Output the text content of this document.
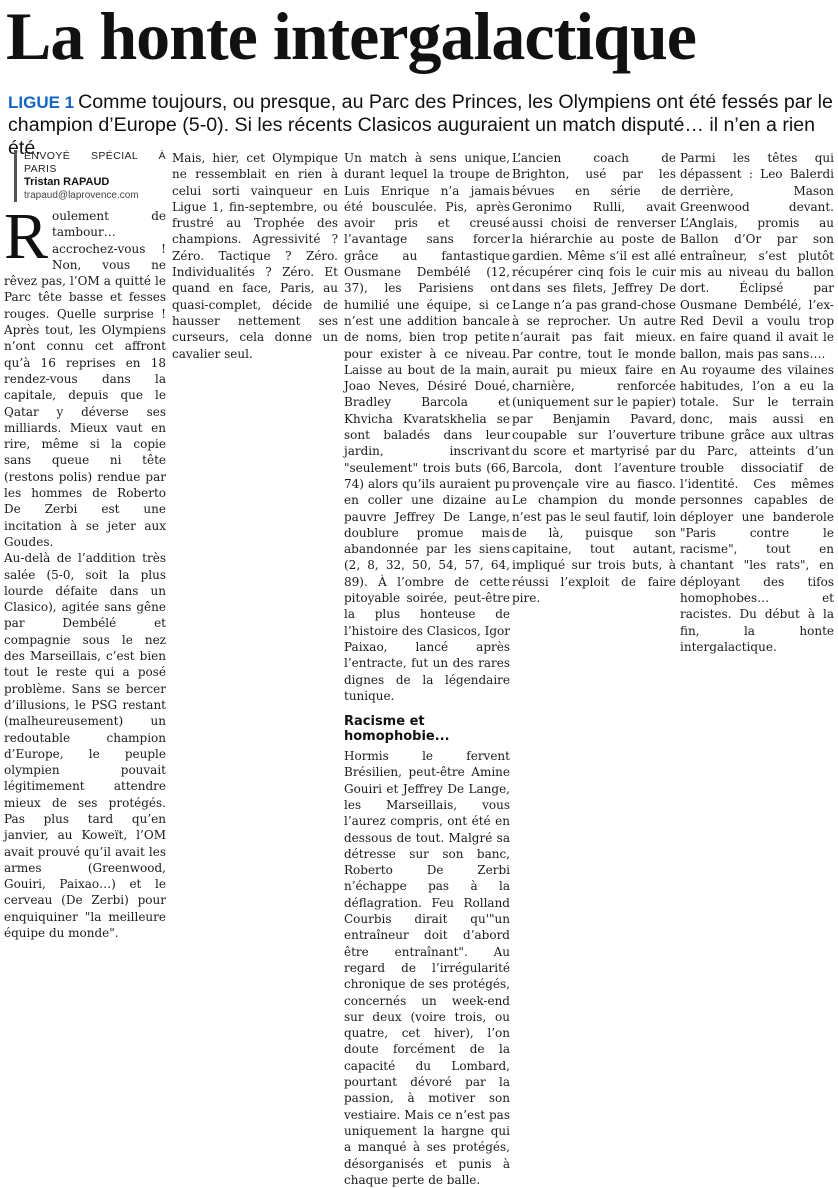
La honte intergalactique
LIGUE 1 Comme toujours, ou presque, au Parc des Princes, les Olympiens ont été fessés par le champion d’Europe (5-0). Si les récents Clasicos auguraient un match disputé… il n’en a rien été.
ENVOYÉ SPÉCIAL À PARIS
Tristan RAPAUD
trapaud@laprovence.com

Roulement de tambour… accrochez-vous ! Non, vous ne rêvez pas, l’OM a quitté le Parc tête basse et fesses rouges. Quelle surprise ! Après tout, les Olympiens n’ont connu cet affront qu’à 16 reprises en 18 rendez-vous dans la capitale, depuis que le Qatar y déverse ses milliards. Mieux vaut en rire, même si la copie sans queue ni tête (restons polis) rendue par les hommes de Roberto De Zerbi est une incitation à se jeter aux Goudes.

Au-delà de l’addition très salée (5-0, soit la plus lourde défaite dans un Clasico), agitée sans gêne par Dembélé et compagnie sous le nez des Marseillais, c’est bien tout le reste qui a posé problème. Sans se bercer d’illusions, le PSG restant (malheureusement) un redoutable champion d’Europe, le peuple olympien pouvait légitimement attendre mieux de ses protégés. Pas plus tard qu’en janvier, au Koweït, l’OM avait prouvé qu’il avait les armes (Greenwood, Gouiri, Paixao…) et le cerveau (De Zerbi) pour enquiquiner "la meilleure équipe du monde".

Mais, hier, cet Olympique ne ressemblait en rien à celui sorti vainqueur en Ligue 1, fin-septembre, ou frustré au Trophée des champions. Agressivité ? Zéro. Tactique ? Zéro. Individualités ? Zéro. Et quand en face, Paris, au quasi-complet, décide de hausser nettement ses curseurs, cela donne un cavalier seul.

Un match à sens unique, durant lequel la troupe de Luis Enrique n’a jamais été bousculée. Pis, après avoir pris et creusé l’avantage sans forcer grâce au fantastique Ousmane Dembélé (12, 37), les Parisiens ont humilié une équipe, si ce n’est une addition bancale de noms, bien trop petite pour exister à ce niveau. Laisse au bout de la main, Joao Neves, Désiré Doué, Bradley Barcola et Khvicha Kvaratskhelia se sont baladés dans leur jardin, inscrivant "seulement" trois buts (66, 74) alors qu’ils auraient pu en coller une dizaine au pauvre Jeffrey De Lange, doublure promue mais abandonnée par les siens (2, 8, 32, 50, 54, 57, 64, 89). À l’ombre de cette pitoyable soirée, peut-être la plus honteuse de l’histoire des Clasicos, Igor Paixao, lancé après l’entracte, fut un des rares dignes de la légendaire tunique.

Racisme et homophobie...

Hormis le fervent Brésilien, peut-être Amine Gouiri et Jeffrey De Lange, les Marseillais, vous l’aurez compris, ont été en dessous de tout. Malgré sa détresse sur son banc, Roberto De Zerbi n’échappe pas à la déflagration. Feu Rolland Courbis dirait qu'"un entraîneur doit d’abord être entraînant". Au regard de l’irrégularité chronique de ses protégés, concernés un week-end sur deux (voire trois, ou quatre, cet hiver), l’on doute forcément de la capacité du Lombard, pourtant dévoré par la passion, à motiver son vestiaire. Mais ce n’est pas uniquement la hargne qui a manqué à ses protégés, désorganisés et punis à chaque perte de balle.

L’ancien coach de Brighton, usé par les bévues en série de Geronimo Rulli, avait aussi choisi de renverser la hiérarchie au poste de gardien. Même s’il est allé récupérer cinq fois le cuir dans ses filets, Jeffrey De Lange n’a pas grand-chose à se reprocher. Un autre n’aurait pas fait mieux. Par contre, tout le monde aurait pu mieux faire en charnière, renforcée (uniquement sur le papier) par Benjamin Pavard, coupable sur l’ouverture du score et martyrisé par Barcola, dont l’aventure provençale vire au fiasco. Le champion du monde n’est pas le seul fautif, loin de là, puisque son capitaine, tout autant, impliqué sur trois buts, à réussi l’exploit de faire pire.

Parmi les têtes qui dépassent : Leo Balerdi derrière, Mason Greenwood devant. L’Anglais, promis au Ballon d’Or par son entraîneur, s’est plutôt mis au niveau du ballon dort. Éclipsé par Ousmane Dembélé, l’ex-Red Devil a voulu trop en faire quand il avait le ballon, mais pas sans….

Au royaume des vilaines habitudes, l’on a eu la totale. Sur le terrain donc, mais aussi en tribune grâce aux ultras du Parc, atteints d’un trouble dissociatif de l’identité. Ces mêmes personnes capables de déployer une banderole "Paris contre le racisme", tout en chantant "les rats", en déployant des tifos homophobes… et racistes. Du début à la fin, la honte intergalactique.
